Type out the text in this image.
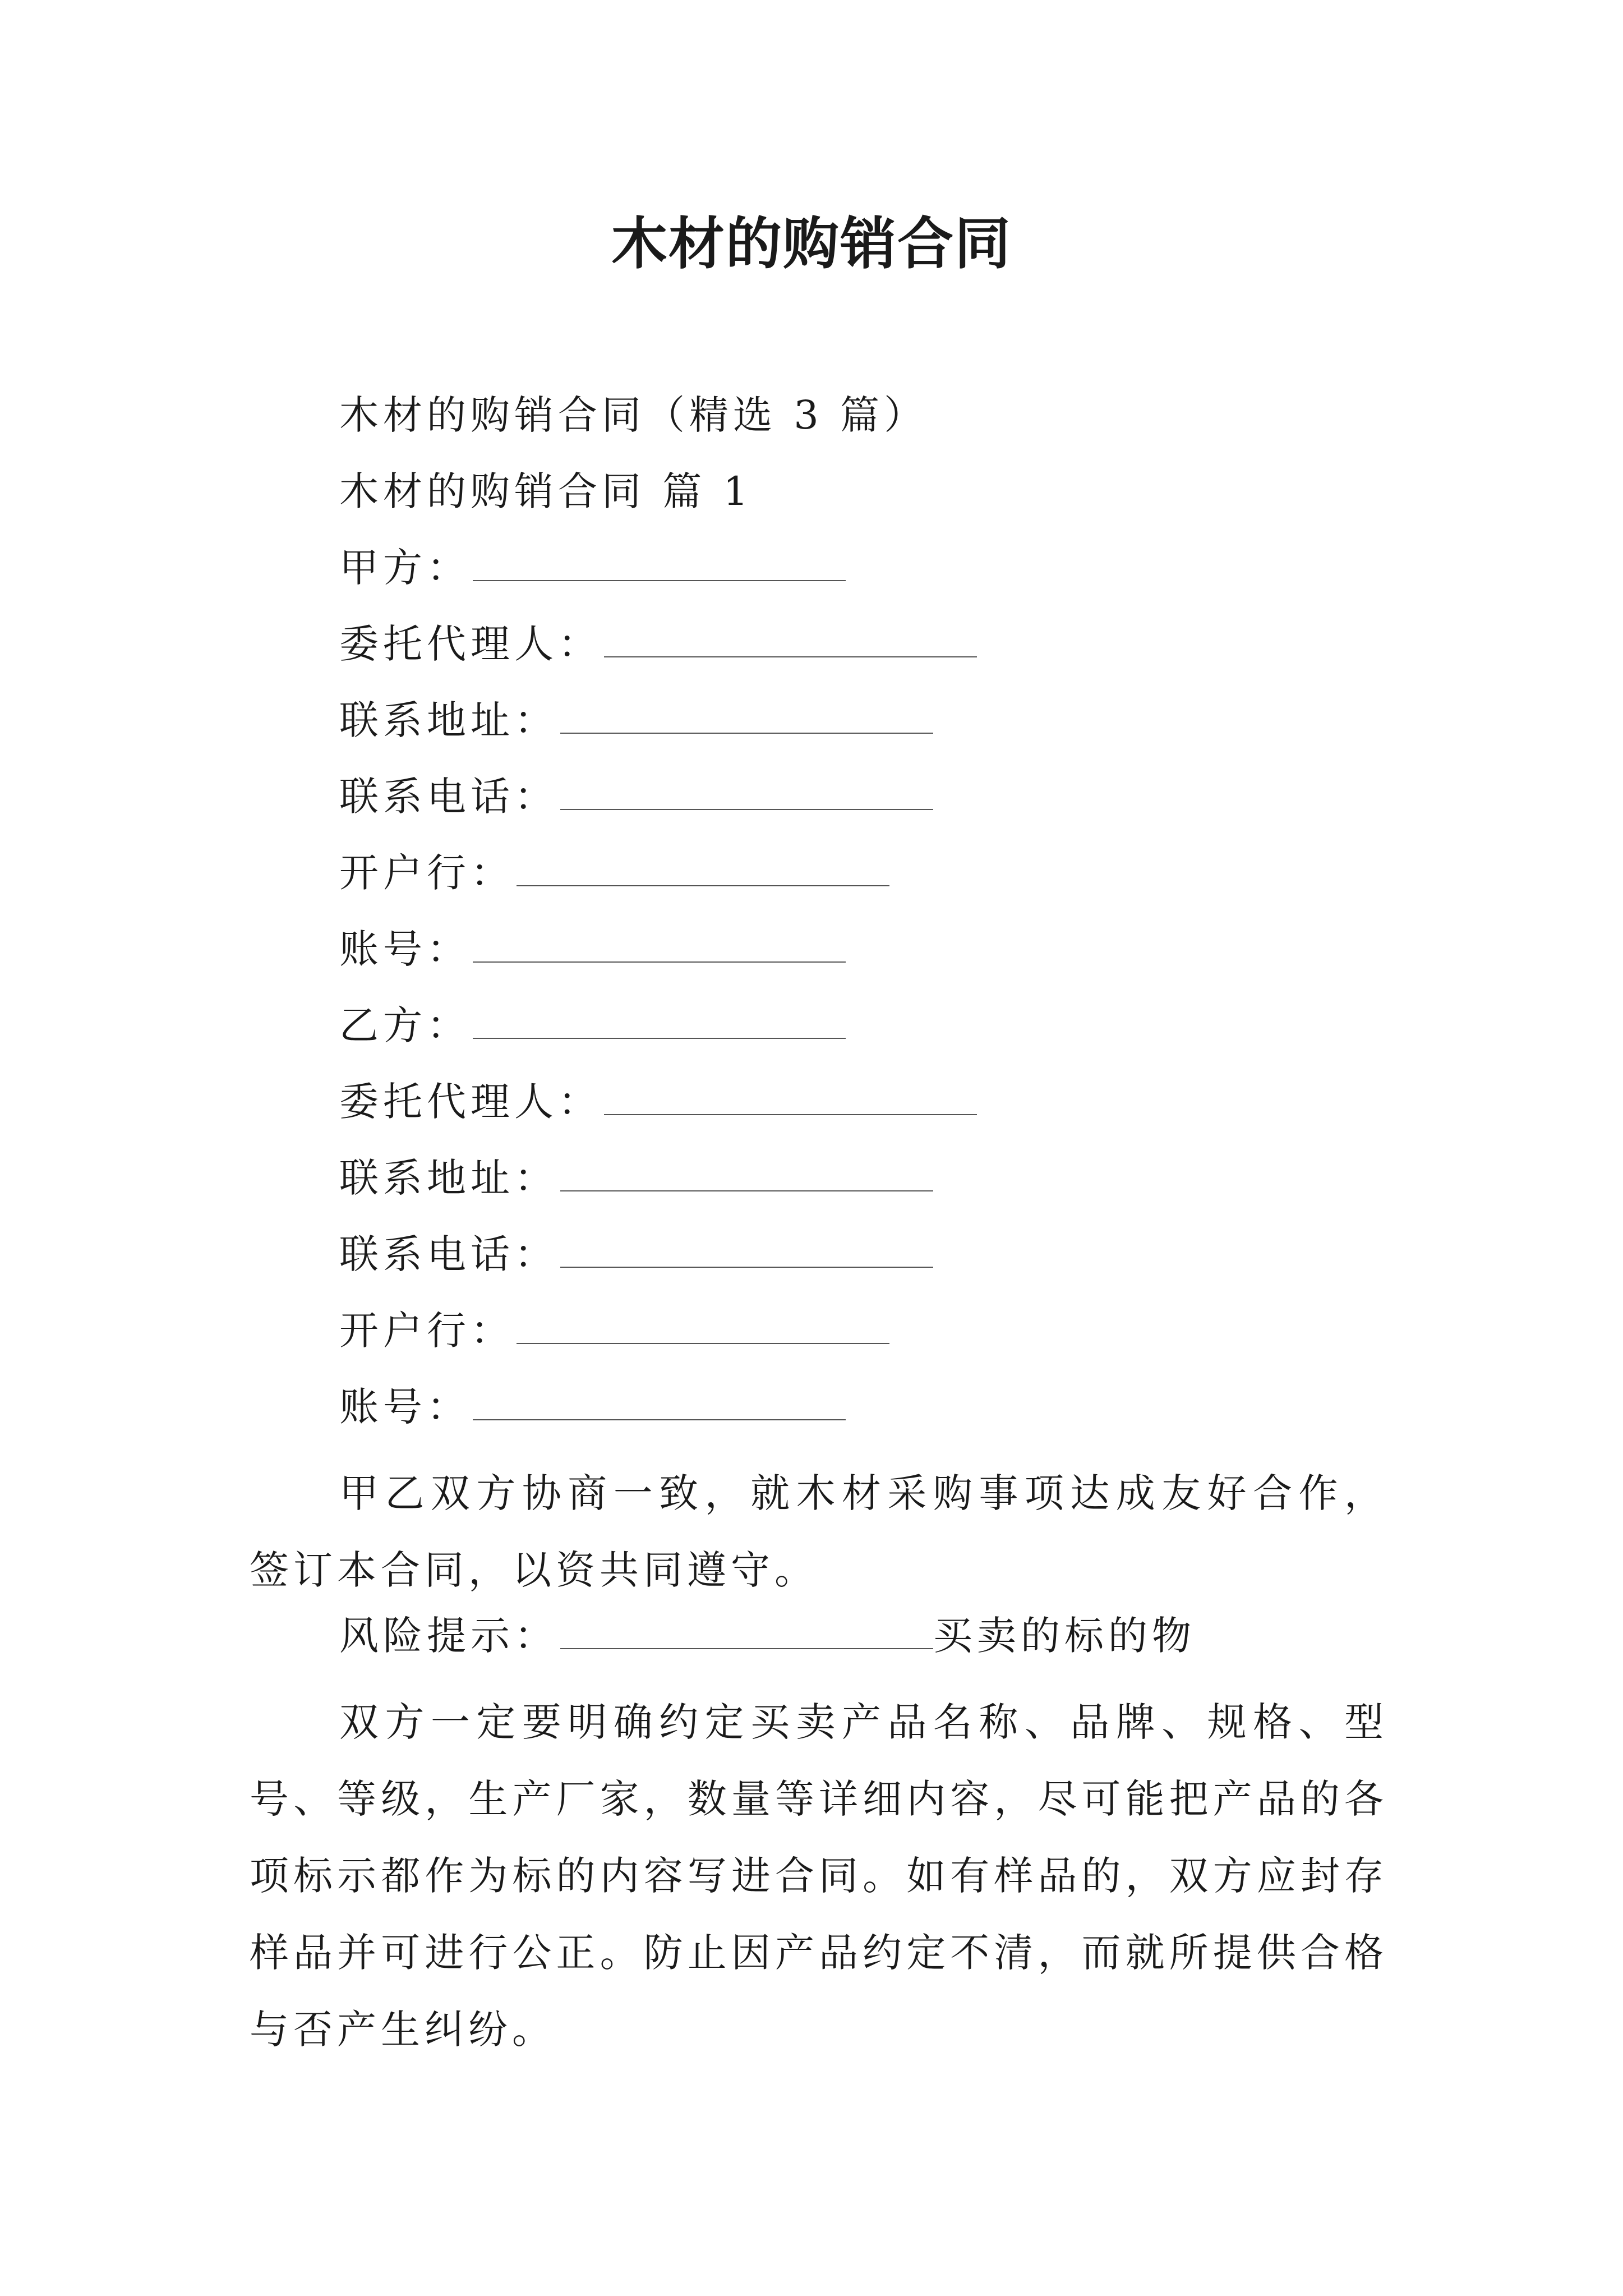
木材的购销合同
木材的购销合同（精选 3 篇）
木材的购销合同 篇 1
甲方：
委托代理人：
联系地址：
联系电话：
开户行：
账号：
乙方：
委托代理人：
联系地址：
联系电话：
开户行：
账号：

甲乙双方协商一致，就木材采购事项达成友好合作，签订本合同，以资共同遵守。

风险提示：	买卖的标的物

双方一定要明确约定买卖产品名称、品牌、规格、型号、等级，生产厂家，数量等详细内容，尽可能把产品的各项标示都作为标的内容写进合同。如有样品的，双方应封存样品并可进行公正。防止因产品约定不清，而就所提供合格与否产生纠纷。
